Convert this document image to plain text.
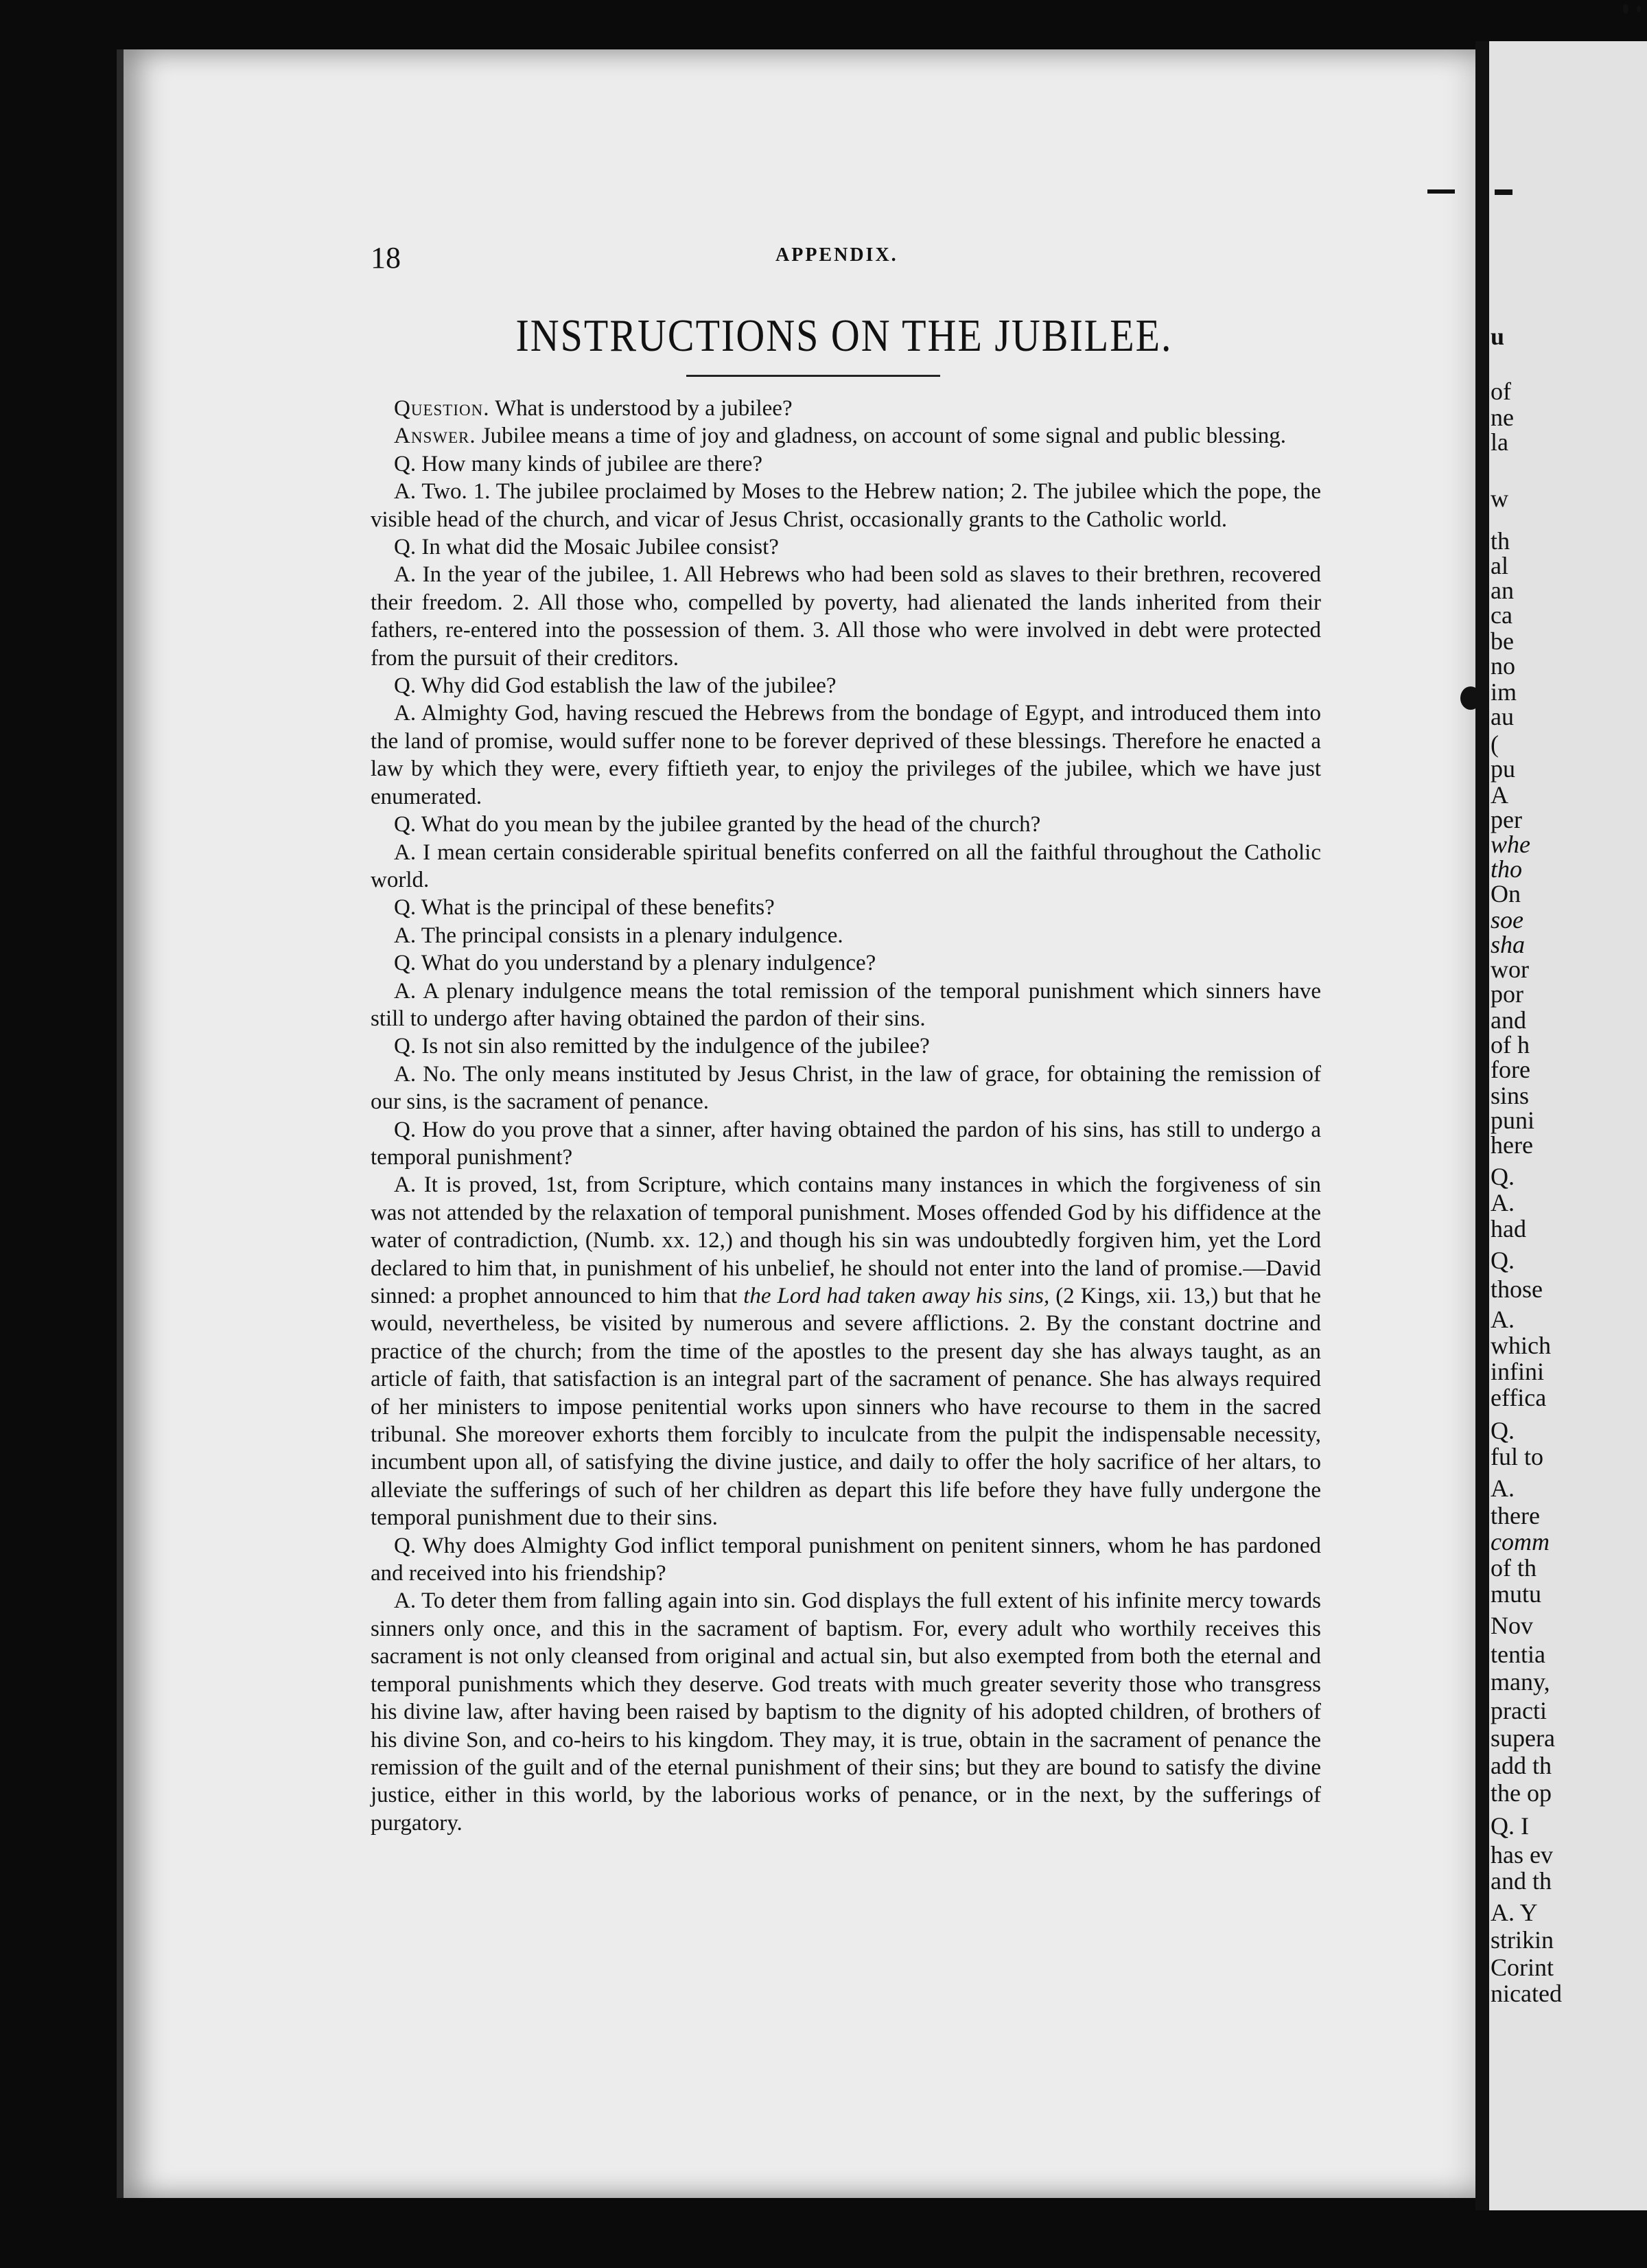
u
of
ne
la
w
th
al
an
ca
be
no
im
au
(
pu
A
per
whe
tho
On
soe
sha
wor
por
and
of h
fore
sins
puni
here
Q.
A.
had
Q.
those
A.
which
infini
effica
Q.
ful to
A.
there
comm
of th
mutu
Nov
tentia
many,
practi
supera
add th
the op
Q. I
has ev
and th
A. Y
strikin
Corint
nicated
18	APPENDIX.
INSTRUCTIONS ON THE JUBILEE.

Question. What is understood by a jubilee?

Answer. Jubilee means a time of joy and gladness, on account of some signal and public blessing.

Q. How many kinds of jubilee are there?

A. Two. 1. The jubilee proclaimed by Moses to the Hebrew nation; 2. The jubilee which the pope, the visible head of the church, and vicar of Jesus Christ, occasionally grants to the Catholic world.

Q. In what did the Mosaic Jubilee consist?

A. In the year of the jubilee, 1. All Hebrews who had been sold as slaves to their brethren, recovered their freedom. 2. All those who, compelled by poverty, had alienated the lands inherited from their fathers, re-entered into the possession of them. 3. All those who were involved in debt were protected from the pursuit of their creditors.

Q. Why did God establish the law of the jubilee?

A. Almighty God, having rescued the Hebrews from the bondage of Egypt, and introduced them into the land of promise, would suffer none to be forever deprived of these blessings. Therefore he enacted a law by which they were, every fiftieth year, to enjoy the privileges of the jubilee, which we have just enumerated.

Q. What do you mean by the jubilee granted by the head of the church?

A. I mean certain considerable spiritual benefits conferred on all the faithful throughout the Catholic world.

Q. What is the principal of these benefits?

A. The principal consists in a plenary indulgence.

Q. What do you understand by a plenary indulgence?

A. A plenary indulgence means the total remission of the temporal punishment which sinners have still to undergo after having obtained the pardon of their sins.

Q. Is not sin also remitted by the indulgence of the jubilee?

A. No. The only means instituted by Jesus Christ, in the law of grace, for obtaining the remission of our sins, is the sacrament of penance.

Q. How do you prove that a sinner, after having obtained the pardon of his sins, has still to undergo a temporal punishment?

A. It is proved, 1st, from Scripture, which contains many instances in which the forgiveness of sin was not attended by the relaxation of temporal punishment. Moses offended God by his diffidence at the water of contradiction, (Numb. xx. 12,) and though his sin was undoubtedly forgiven him, yet the Lord declared to him that, in punishment of his unbelief, he should not enter into the land of promise.—David sinned: a prophet announced to him that the Lord had taken away his sins, (2 Kings, xii. 13,) but that he would, nevertheless, be visited by numerous and severe afflictions. 2. By the constant doctrine and practice of the church; from the time of the apostles to the present day she has always taught, as an article of faith, that satisfaction is an integral part of the sacrament of penance. She has always required of her ministers to impose penitential works upon sinners who have recourse to them in the sacred tribunal. She moreover exhorts them forcibly to inculcate from the pulpit the indispensable necessity, incumbent upon all, of satisfying the divine justice, and daily to offer the holy sacrifice of her altars, to alleviate the sufferings of such of her children as depart this life before they have fully undergone the temporal punishment due to their sins.

Q. Why does Almighty God inflict temporal punishment on penitent sinners, whom he has pardoned and received into his friendship?

A. To deter them from falling again into sin. God displays the full extent of his infinite mercy towards sinners only once, and this in the sacrament of baptism. For, every adult who worthily receives this sacrament is not only cleansed from original and actual sin, but also exempted from both the eternal and temporal punishments which they deserve. God treats with much greater severity those who transgress his divine law, after having been raised by baptism to the dignity of his adopted children, of brothers of his divine Son, and co-heirs to his kingdom. They may, it is true, obtain in the sacrament of penance the remission of the guilt and of the eternal punishment of their sins; but they are bound to satisfy the divine justice, either in this world, by the laborious works of penance, or in the next, by the sufferings of purgatory.
